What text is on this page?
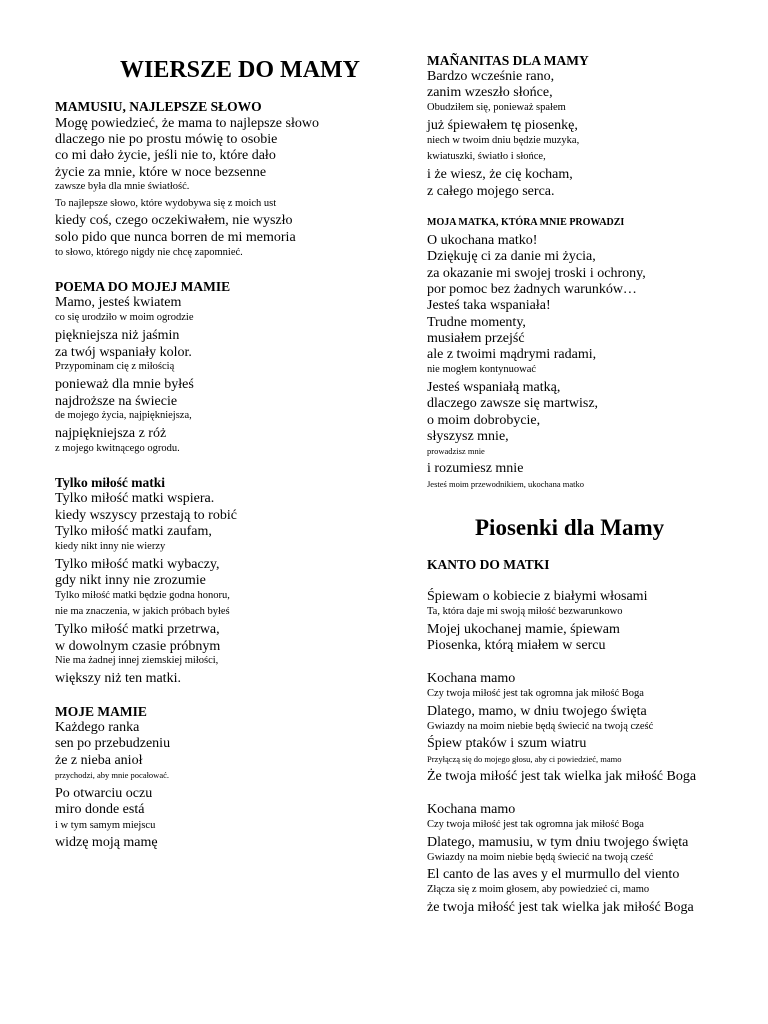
WIERSZE DO MAMY
MAMUSIU, NAJLEPSZE SŁOWO
Mogę powiedzieć, że mama to najlepsze słowo
dlaczego nie po prostu mówię to osobie
co mi dało życie, jeśli nie to, które dało
życie za mnie, które w noce bezsenne
zawsze była dla mnie światłość.
To najlepsze słowo, które wydobywa się z moich ust
kiedy coś, czego oczekiwałem, nie wyszło
solo pido que nunca borren de mi memoria
to słowo, którego nigdy nie chcę zapomnieć.
POEMA DO MOJEJ MAMIE
Mamo, jesteś kwiatem
co się urodziło w moim ogrodzie
piękniejsza niż jaśmin
za twój wspaniały kolor.
Przypominam cię z miłością
ponieważ dla mnie byłeś
najdroższe na świecie
de mojego życia, najpiękniejsza,
najpiękniejsza z róż
z mojego kwitnącego ogrodu.
Tylko miłość matki
Tylko miłość matki wspiera.
kiedy wszyscy przestają to robić
Tylko miłość matki zaufam,
kiedy nikt inny nie wierzy
Tylko miłość matki wybaczy,
gdy nikt inny nie zrozumie
Tylko miłość matki będzie godna honoru,
nie ma znaczenia, w jakich próbach byłeś
Tylko miłość matki przetrwa,
w dowolnym czasie próbnym
Nie ma żadnej innej ziemskiej miłości,
większy niż ten matki.
MOJE MAMIE
Każdego ranka
sen po przebudzeniu
że z nieba anioł
przychodzi, aby mnie pocałować.
Po otwarciu oczu
miro donde está
i w tym samym miejscu
widzę moją mamę
MAÑANITAS DLA MAMY
Bardzo wcześnie rano,
zanim wzeszło słońce,
Obudziłem się, ponieważ spałem
już śpiewałem tę piosenkę,
niech w twoim dniu będzie muzyka,
kwiatuszki, światło i słońce,
i że wiesz, że cię kocham,
z całego mojego serca.
MOJA MATKA, KTÓRA MNIE PROWADZI
O ukochana matko!
Dziękuję ci za danie mi życia,
za okazanie mi swojej troski i ochrony,
por pomoc bez żadnych warunków…
Jesteś taka wspaniała!
Trudne momenty,
musiałem przejść
ale z twoimi mądrymi radami,
nie mogłem kontynuować
Jesteś wspaniałą matką,
dlaczego zawsze się martwisz,
o moim dobrobycie,
słyszysz mnie,
prowadzisz mnie
i rozumiesz mnie
Jesteś moim przewodnikiem, ukochana matko
Piosenki dla Mamy
KANTO DO MATKI
Śpiewam o kobiecie z białymi włosami
Ta, która daje mi swoją miłość bezwarunkowo
Mojej ukochanej mamie, śpiewam
Piosenka, którą miałem w sercu
Kochana mamo
Czy twoja miłość jest tak ogromna jak miłość Boga
Dlatego, mamo, w dniu twojego święta
Gwiazdy na moim niebie będą świecić na twoją cześć
Śpiew ptaków i szum wiatru
Przyłączą się do mojego głosu, aby ci powiedzieć, mamo
Że twoja miłość jest tak wielka jak miłość Boga
Kochana mamo
Czy twoja miłość jest tak ogromna jak miłość Boga
Dlatego, mamusiu, w tym dniu twojego święta
Gwiazdy na moim niebie będą świecić na twoją cześć
El canto de las aves y el murmullo del viento
Złącza się z moim głosem, aby powiedzieć ci, mamo
że twoja miłość jest tak wielka jak miłość Boga
